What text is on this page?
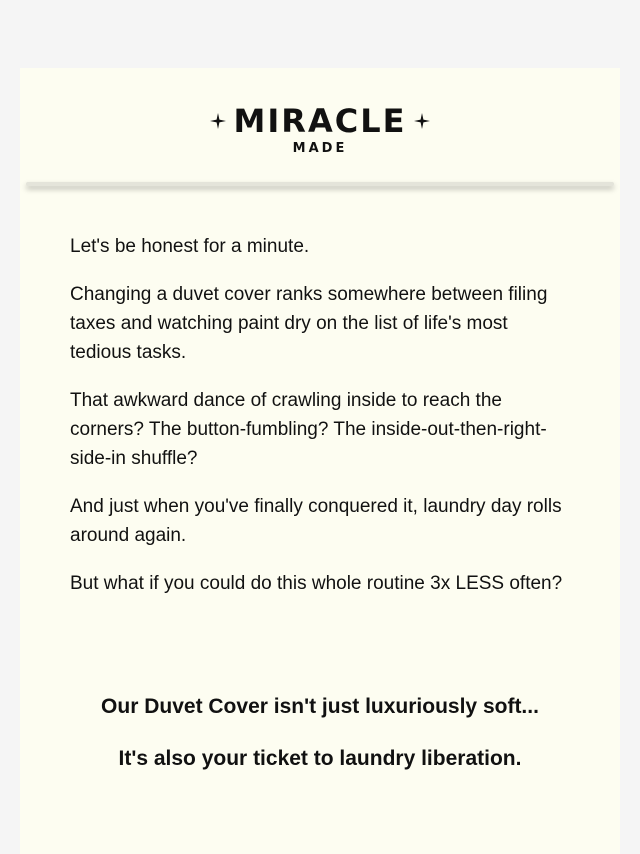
MIRACLE
MADE

Let's be honest for a minute.

Changing a duvet cover ranks somewhere between filing taxes and watching paint dry on the list of life's most tedious tasks.

That awkward dance of crawling inside to reach the corners? The button-fumbling? The inside-out-then-right-side-in shuffle?

And just when you've finally conquered it, laundry day rolls around again.

But what if you could do this whole routine 3x LESS often?

Our Duvet Cover isn't just luxuriously soft...
It's also your ticket to laundry liberation.
